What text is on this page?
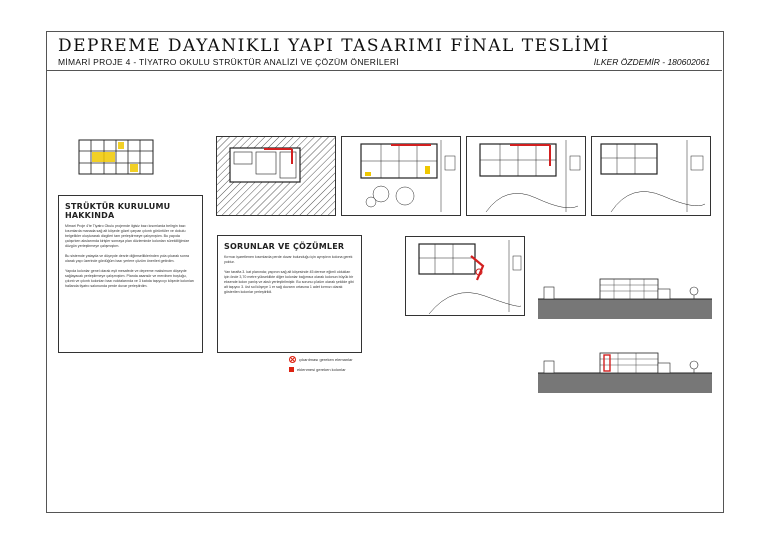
DEPREME DAYANIKLI YAPI TASARIMI FİNAL TESLİMİ
MİMARİ PROJE 4 - TİYATRO OKULU STRÜKTÜR ANALİZİ VE ÇÖZÜM ÖNERİLERİ	İLKER ÖZDEMİR - 180602061
STRÜKTÜR KURULUMU HAKKINDA

Mimari Proje 4'te Tiyatro Okulu projemde ilgisiz bazı kısımlarda belirgin bazı kısımlarda manada sağ alt köşede güzel çarpan çıkıntı görüntüler ve dokulu belgelikler oluşturarak dizgileri tam yerleştirmeye çalışmıştım. Bu yapıda çalışırken akslarımda kirişler sonraya plan düzleminde kolonları sürekliliğimize düzgün yerleştirmeye çalışmıştım.

Bu sistemde yatayda ve düşeyde derzle diğimselliklerinden yola çıkarak sonra olarak yapı üzerinde gördüğüm bazı yerlere çözüm önerileri getirdim.

Yapıda kolonlar genel olarak eşit mesafede ve depreme maksimum düşeyde sağlayacak yerleştirmeye çalışmıştım. Planda asansör ve merdiven boşluğu, çıkıntı ve çıkıntı kolonları bazı noktalarında ve 3 katıda taşıyıcıyı köşede kolonları hallanda tiyatro salonunda perde duvar yerleştirdim.

SORUNLAR VE ÇÖZÜMLER

Kırmızı işaretlenen kısımlarda perde duvar bulunduğu için ayrıştırın kolona gerek yoktur.

Yan tarafta 3. kat planında; yapının sağ alt köşesinde 45 derece eğimli oldukları için önde 3,70 metre yükseklikte diğer kolonlar bağımsız olarak kolonun büyük bir eksende kolon yanlış ve akslı yerleştirilmiştir. Bu sorunu çözüm olarak şekilde gibi alt taşıyıcı 3. üst sol köşeye 1 er sağ duvarın ortasına 1 adet kırmızı olarak gösterilen kolonlar yerleştirildi.

çıkarılması gereken elemanlar
eklenmesi gereken kolonlar
